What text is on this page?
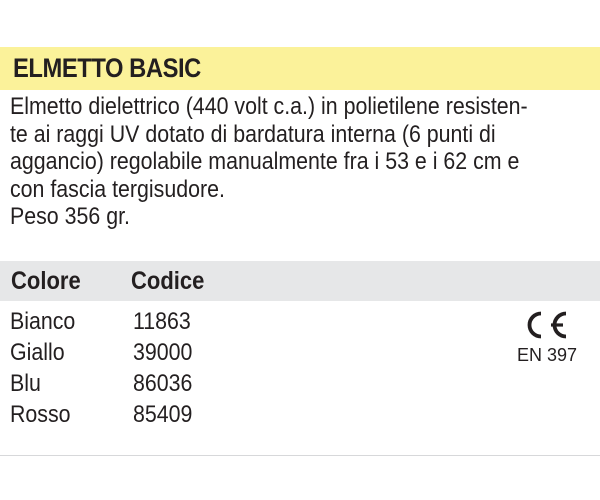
ELMETTO BASIC
Elmetto dielettrico (440 volt c.a.) in polietilene resisten-
te ai raggi UV dotato di bardatura interna (6 punti di
aggancio) regolabile manualmente fra i 53 e i 62 cm e
con fascia tergisudore.
Peso 356 gr.
Colore Codice
Bianco 11863
Giallo	39000
Blu	86036
Rosso	85409
EN 397
